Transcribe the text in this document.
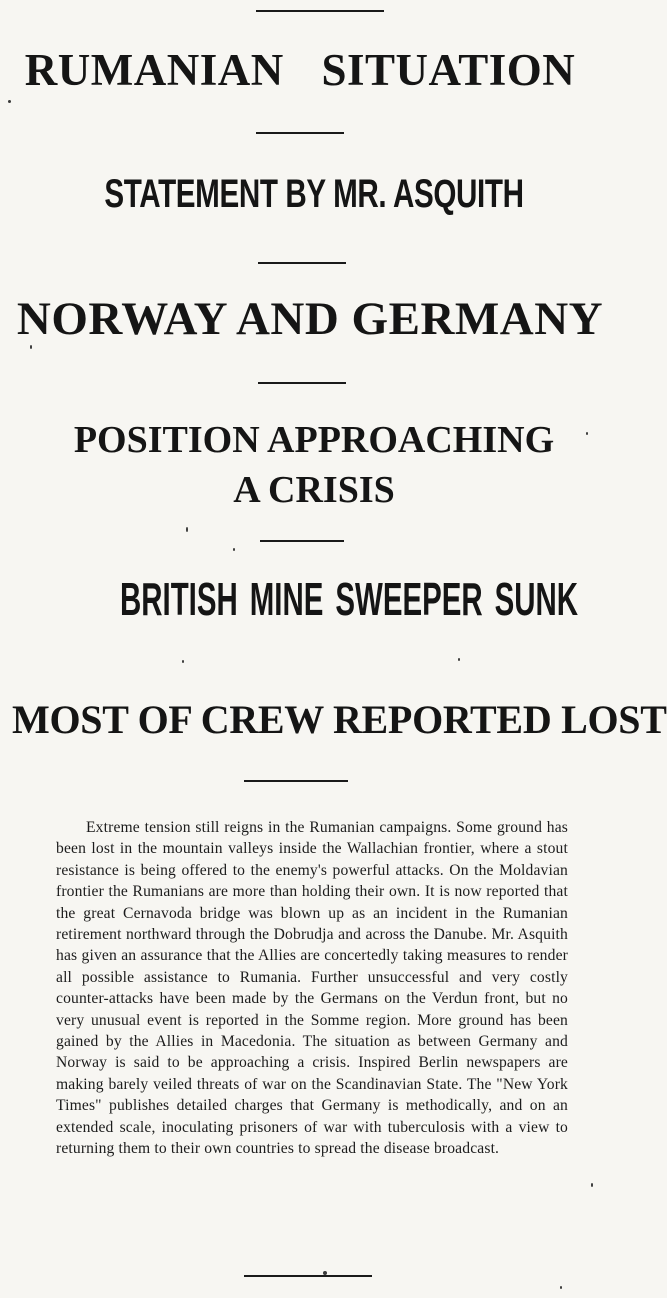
RUMANIAN SITUATION
STATEMENT BY MR. ASQUITH
NORWAY AND GERMANY
POSITION APPROACHING
A CRISIS
BRITISH MINE SWEEPER SUNK
MOST OF CREW REPORTED LOST
Extreme tension still reigns in the Rumanian campaigns. Some ground has been lost in the mountain valleys inside the Wallachian frontier, where a stout resistance is being offered to the enemy's powerful attacks. On the Moldavian frontier the Rumanians are more than holding their own. It is now reported that the great Cernavoda bridge was blown up as an incident in the Rumanian retirement northward through the Dobrudja and across the Danube. Mr. Asquith has given an assurance that the Allies are concertedly taking measures to render all possible assistance to Rumania. Further unsuccessful and very costly counter-attacks have been made by the Germans on the Verdun front, but no very unusual event is reported in the Somme region. More ground has been gained by the Allies in Macedonia. The situation as between Germany and Norway is said to be approaching a crisis. Inspired Berlin newspapers are making barely veiled threats of war on the Scandinavian State. The "New York Times" publishes detailed charges that Germany is methodically, and on an extended scale, inoculating prisoners of war with tuberculosis with a view to returning them to their own countries to spread the disease broadcast.
